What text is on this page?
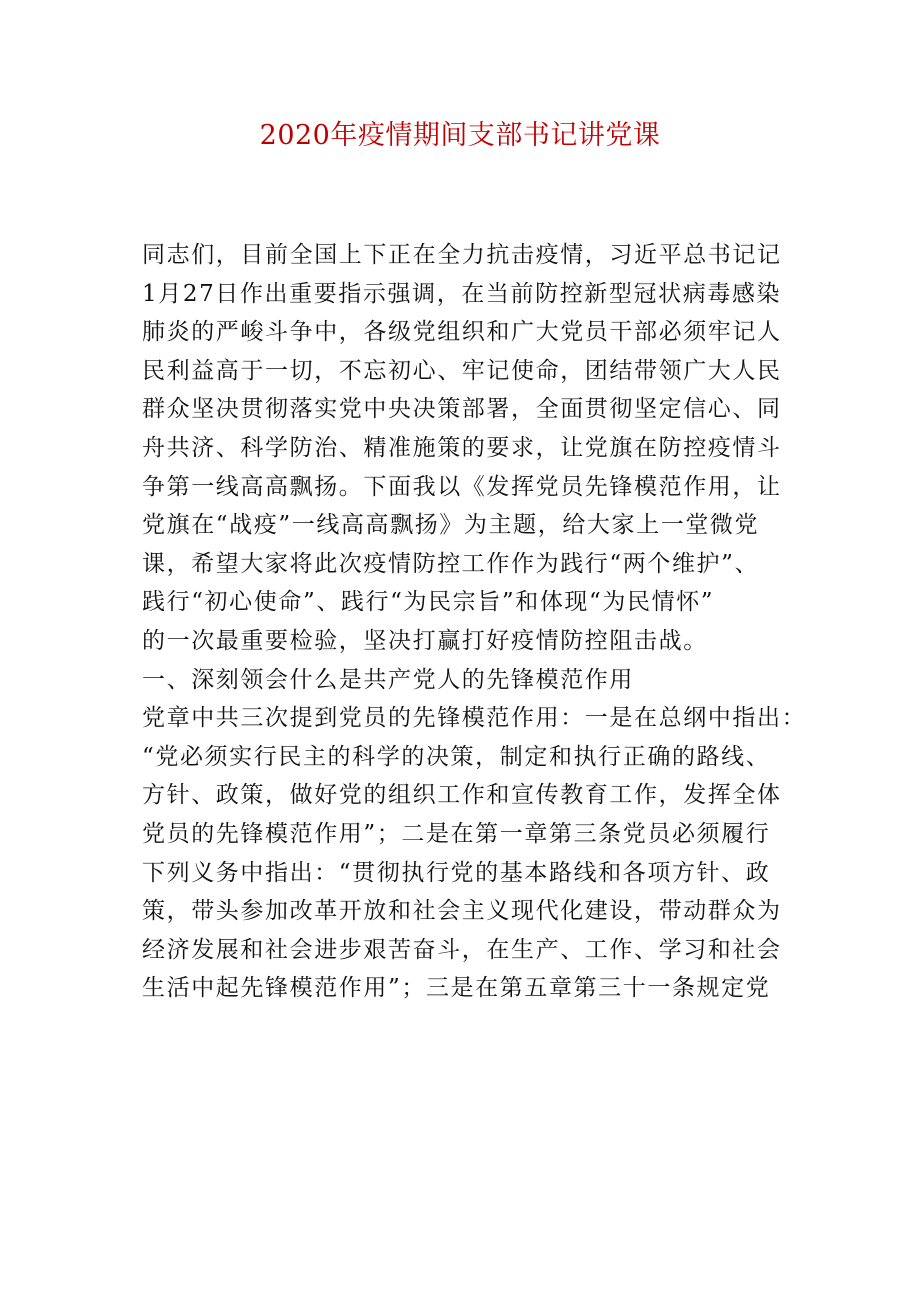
2020年疫情期间支部书记讲党课
同志们，目前全国上下正在全力抗击疫情，习近平总书记记
1月27日作出重要指示强调，在当前防控新型冠状病毒感染
肺炎的严峻斗争中，各级党组织和广大党员干部必须牢记人
民利益高于一切，不忘初心、牢记使命，团结带领广大人民
群众坚决贯彻落实党中央决策部署，全面贯彻坚定信心、同
舟共济、科学防治、精准施策的要求，让党旗在防控疫情斗
争第一线高高飘扬。下面我以《发挥党员先锋模范作用，让
党旗在“战疫”一线高高飘扬》为主题，给大家上一堂微党
课，希望大家将此次疫情防控工作作为践行“两个维护”、
践行“初心使命”、践行“为民宗旨”和体现“为民情怀”
的一次最重要检验，坚决打赢打好疫情防控阻击战。
一、深刻领会什么是共产党人的先锋模范作用
党章中共三次提到党员的先锋模范作用：一是在总纲中指出：
“党必须实行民主的科学的决策，制定和执行正确的路线、
方针、政策，做好党的组织工作和宣传教育工作，发挥全体
党员的先锋模范作用”；二是在第一章第三条党员必须履行
下列义务中指出：“贯彻执行党的基本路线和各项方针、政
策，带头参加改革开放和社会主义现代化建设，带动群众为
经济发展和社会进步艰苦奋斗，在生产、工作、学习和社会
生活中起先锋模范作用”；三是在第五章第三十一条规定党
